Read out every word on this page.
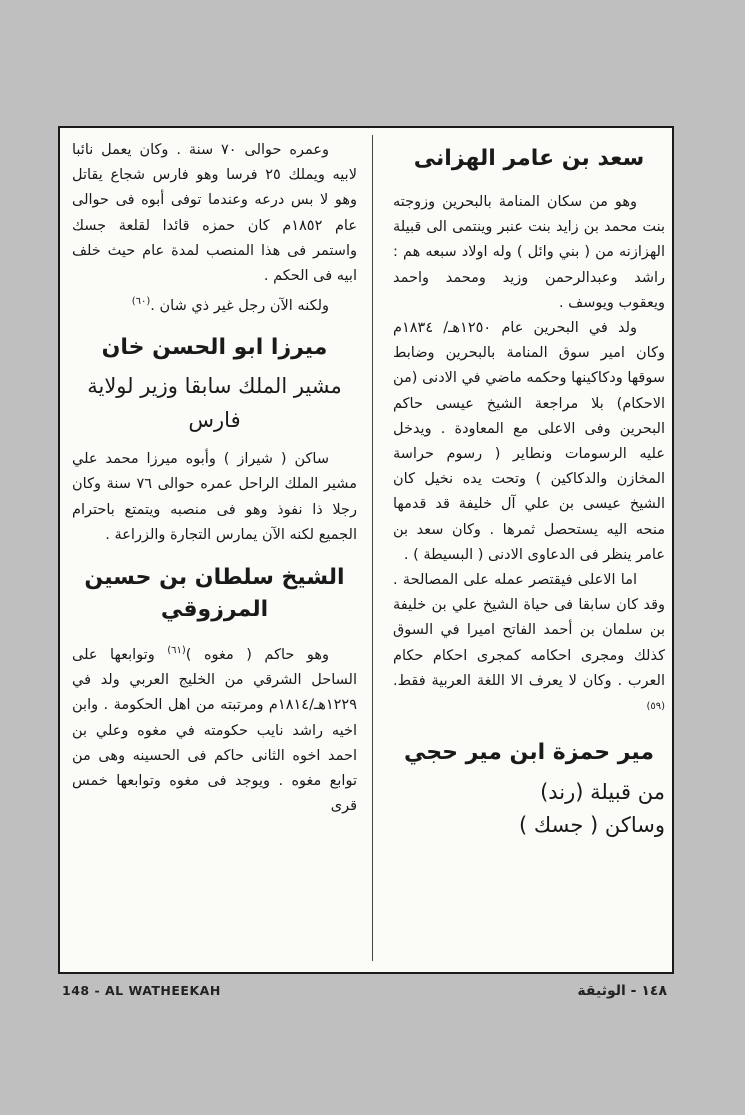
سعد بن عامر الهزانى

وهو من سكان المنامة بالبحرين وزوجته بنت محمد بن زايد بنت عنبر وينتمى الى قبيلة الهزازنه من ( بني وائل ) وله اولاد سبعه هم : راشد وعبدالرحمن وزيد ومحمد واحمد ويعقوب ويوسف .

ولد في البحرين عام ١٢٥٠هـ/ ١٨٣٤م وكان امير سوق المنامة بالبحرين وضابط سوقها ودكاكينها وحكمه ماضي في الادنى (من الاحكام) بلا مراجعة الشيخ عيسى حاكم البحرين وفى الاعلى مع المعاودة . ويدخل عليه الرسومات ونطاير ( رسوم حراسة المخازن والدكاكين ) وتحت يده نخيل كان الشيخ عيسى بن علي آل خليفة قد قدمها منحه اليه يستحصل ثمرها . وكان سعد بن عامر ينظر فى الدعاوى الادنى ( البسيطة ) .

اما الاعلى فيقتصر عمله على المصالحة . وقد كان سابقا فى حياة الشيخ علي بن خليفة بن سلمان بن أحمد الفاتح اميرا في السوق كذلك ومجرى احكامه كمجرى احكام حكام العرب . وكان لا يعرف الا اللغة العربية فقط.$^{(٥٩)}$

مير حمزة ابن مير حجي

من قبيلة (رند)

وساكن ( جسك )

وعمره حوالى ٧٠ سنة . وكان يعمل نائبا لابيه ويملك ٢٥ فرسا وهو فارس شجاع يقاتل وهو لا بس درعه وعندما توفى أبوه فى حوالى عام ١٨٥٢م كان حمزه قائدا لقلعة جسك واستمر فى هذا المنصب لمدة عام حيث خلف ابيه فى الحكم .

ولكنه الآن رجل غير ذي شان .$^{(٦٠)}$

ميرزا ابو الحسن خان

مشير الملك سابقا وزير لولاية فارس

ساكن ( شيراز ) وأبوه ميرزا محمد علي مشير الملك الراحل عمره حوالى ٧٦ سنة وكان رجلا ذا نفوذ وهو فى منصبه ويتمتع باحترام الجميع لكنه الآن يمارس التجارة والزراعة .

الشيخ سلطان بن حسين المرزوقي

وهو حاكم ( مغوه )$^{(٦١)}$ وتوابعها على الساحل الشرقي من الخليج العربي ولد في ١٢٢٩هـ/١٨١٤م ومرتبته من اهل الحكومة . وابن اخيه راشد نايب حكومته في مغوه وعلي بن احمد اخوه الثانى حاكم فى الحسينه وهى من توابع مغوه . ويوجد فى مغوه وتوابعها خمس قرى

148 - AL WATHEEKAH	١٤٨ - الوثيقة
